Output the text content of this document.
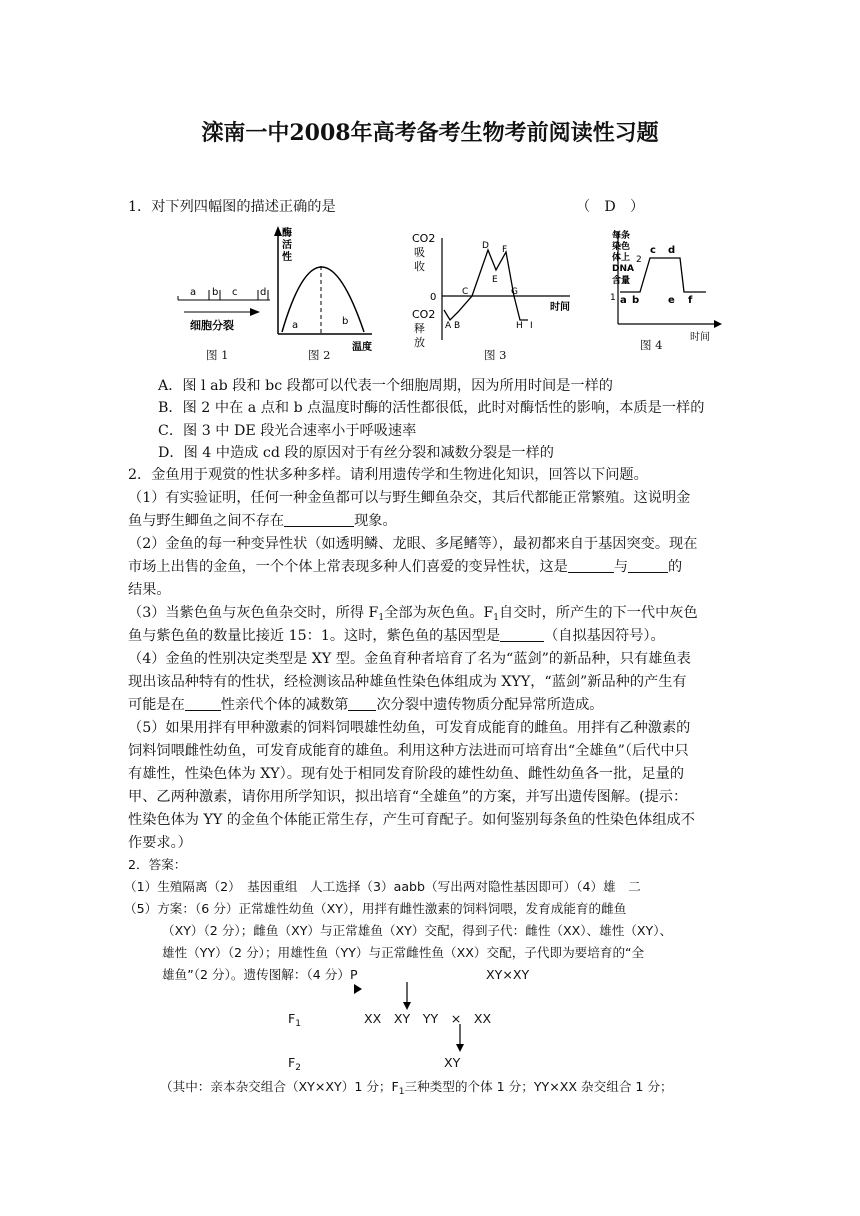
滦南一中2008年高考备考生物考前阅读性习题
1．对下列四幅图的描述正确的是	（　D　）
a b c d
细胞分裂
图 1
酶
活
性
a	b
温度
图 2
CO2
吸
收
0
CO2
释
放
A B
C
D
E
F
G
H I
时间
图 3
每条
染色
体上
DNA
含量
2
1 a b
c d
e f
时间
图 4
A．图 l ab 段和 bc 段都可以代表一个细胞周期，因为所用时间是一样的
B．图 2 中在 a 点和 b 点温度时酶的活性都很低，此时对酶恬性的影响，本质是一样的
C．图 3 中 DE 段光合速率小于呼吸速率
D．图 4 中造成 cd 段的原因对于有丝分裂和减数分裂是一样的
2．金鱼用于观赏的性状多种多样。请利用遗传学和生物进化知识，回答以下问题。
（1）有实验证明，任何一种金鱼都可以与野生鲫鱼杂交，其后代都能正常繁殖。这说明金
鱼与野生鲫鱼之间不存在	现象。
（2）金鱼的每一种变异性状（如透明鳞、龙眼、多尾鳍等），最初都来自于基因突变。现在
市场上出售的金鱼，一个个体上常表现多种人们喜爱的变异性状，这是	与	的
结果。
（3）当紫色鱼与灰色鱼杂交时，所得 $F_1$全部为灰色鱼。$F_1$自交时，所产生的下一代中灰色
鱼与紫色鱼的数量比接近 15：1。这时，紫色鱼的基因型是	（自拟基因符号）。
（4）金鱼的性别决定类型是 XY 型。金鱼育种者培育了名为“蓝剑”的新品种，只有雄鱼表
现出该品种特有的性状，经检测该品种雄鱼性染色体组成为 XYY，“蓝剑”新品种的产生有
可能是在	性亲代个体的减数第 次分裂中遗传物质分配异常所造成。
（5）如果用拌有甲种激素的饲料饲喂雄性幼鱼，可发育成能育的雌鱼。用拌有乙种激素的
饲料饲喂雌性幼鱼，可发育成能育的雄鱼。利用这种方法进而可培育出“全雄鱼”（后代中只
有雄性，性染色体为 XY）。现有处于相同发育阶段的雄性幼鱼、雌性幼鱼各一批，足量的
甲、乙两种激素，请你用所学知识，拟出培育“全雄鱼”的方案，并写出遗传图解。(提示：
性染色体为 YY 的金鱼个体能正常生存，产生可育配子。如何鉴别每条鱼的性染色体组成不
作要求。）
2．答案：
（1）生殖隔离（2）　基因重组　人工选择（3）aabb（写出两对隐性基因即可）（4）雄　二
（5）方案：（6 分）正常雄性幼鱼（XY），用拌有雌性激素的饲料饲喂，发育成能育的雌鱼
（XY）（2 分）；雌鱼（XY）与正常雄鱼（XY）交配，得到子代：雌性（XX）、雄性（XY）、
雄性（YY）（2 分）；用雄性鱼（YY）与正常雌性鱼（XX）交配，子代即为要培育的“全
雄鱼”（2 分）。遗传图解：（4 分）P	XY×XY
$F_1$	XX　XY　YY　×　XX
$F_2$	XY
（其中：亲本杂交组合（XY×XY）1 分；$F_1$三种类型的个体 1 分；YY×XX 杂交组合 1 分；
